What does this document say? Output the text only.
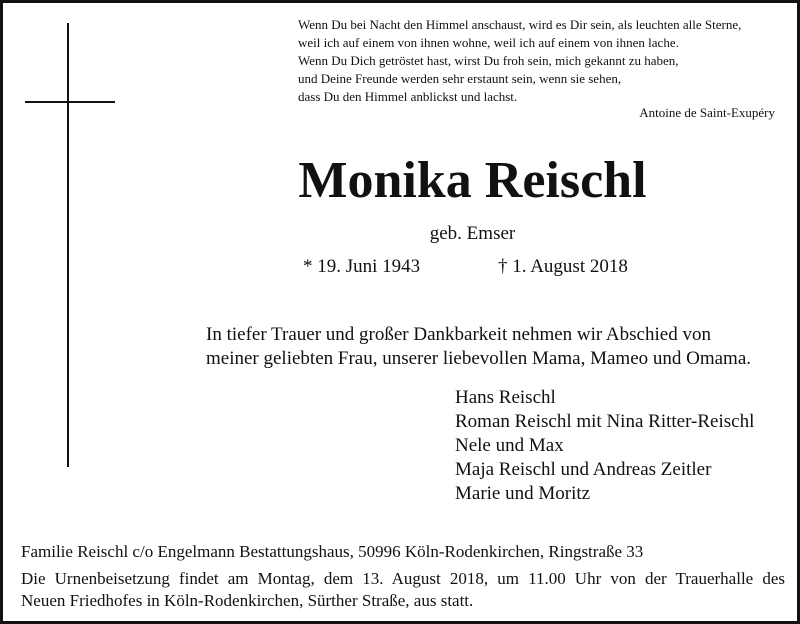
Wenn Du bei Nacht den Himmel anschaust, wird es Dir sein, als leuchten alle Sterne,
weil ich auf einem von ihnen wohne, weil ich auf einem von ihnen lache.
Wenn Du Dich getröstet hast, wirst Du froh sein, mich gekannt zu haben,
und Deine Freunde werden sehr erstaunt sein, wenn sie sehen,
dass Du den Himmel anblickst und lachst.
Antoine de Saint-Exupéry
Monika Reischl
geb. Emser
* 19. Juni 1943	† 1. August 2018
In tiefer Trauer und großer Dankbarkeit nehmen wir Abschied von
meiner geliebten Frau, unserer liebevollen Mama, Mameo und Omama.
Hans Reischl
Roman Reischl mit Nina Ritter-Reischl
Nele und Max
Maja Reischl und Andreas Zeitler
Marie und Moritz
Familie Reischl c/o Engelmann Bestattungshaus, 50996 Köln-Rodenkirchen, Ringstraße 33
Die Urnenbeisetzung findet am Montag, dem 13. August 2018, um 11.00 Uhr von der Trauerhalle des
Neuen Friedhofes in Köln-Rodenkirchen, Sürther Straße, aus statt.
